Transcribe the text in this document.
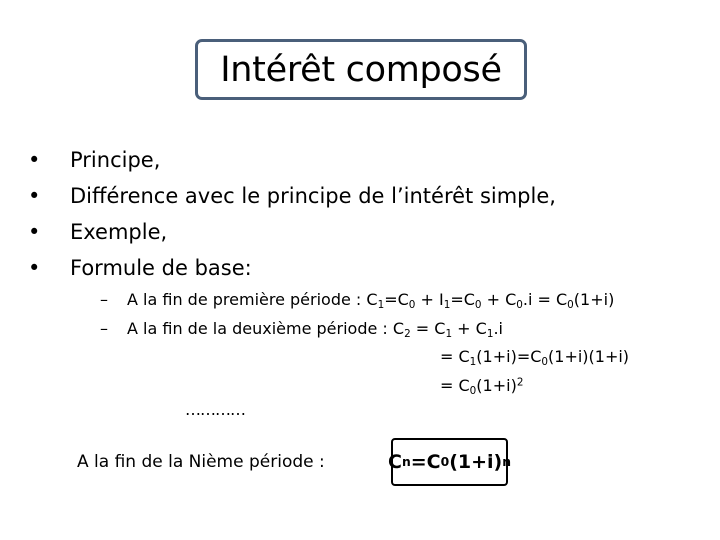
Intérêt composé
• Principe,
• Différence avec le principe de l’intérêt simple,
• Exemple,
• Formule de base:
– A la fin de première période : $C_1=C_0 + I_1=C_0 + C_0.i = C_0(1+i)$
– A la fin de la deuxième période : $C_2 = C_1 + C_1.i$
= $C_1(1+i)=C_0(1+i)(1+i)$
= $C_0(1+i)^2$
…………
A la fin de la Nième période :	C n =C 0 (1+i) n
